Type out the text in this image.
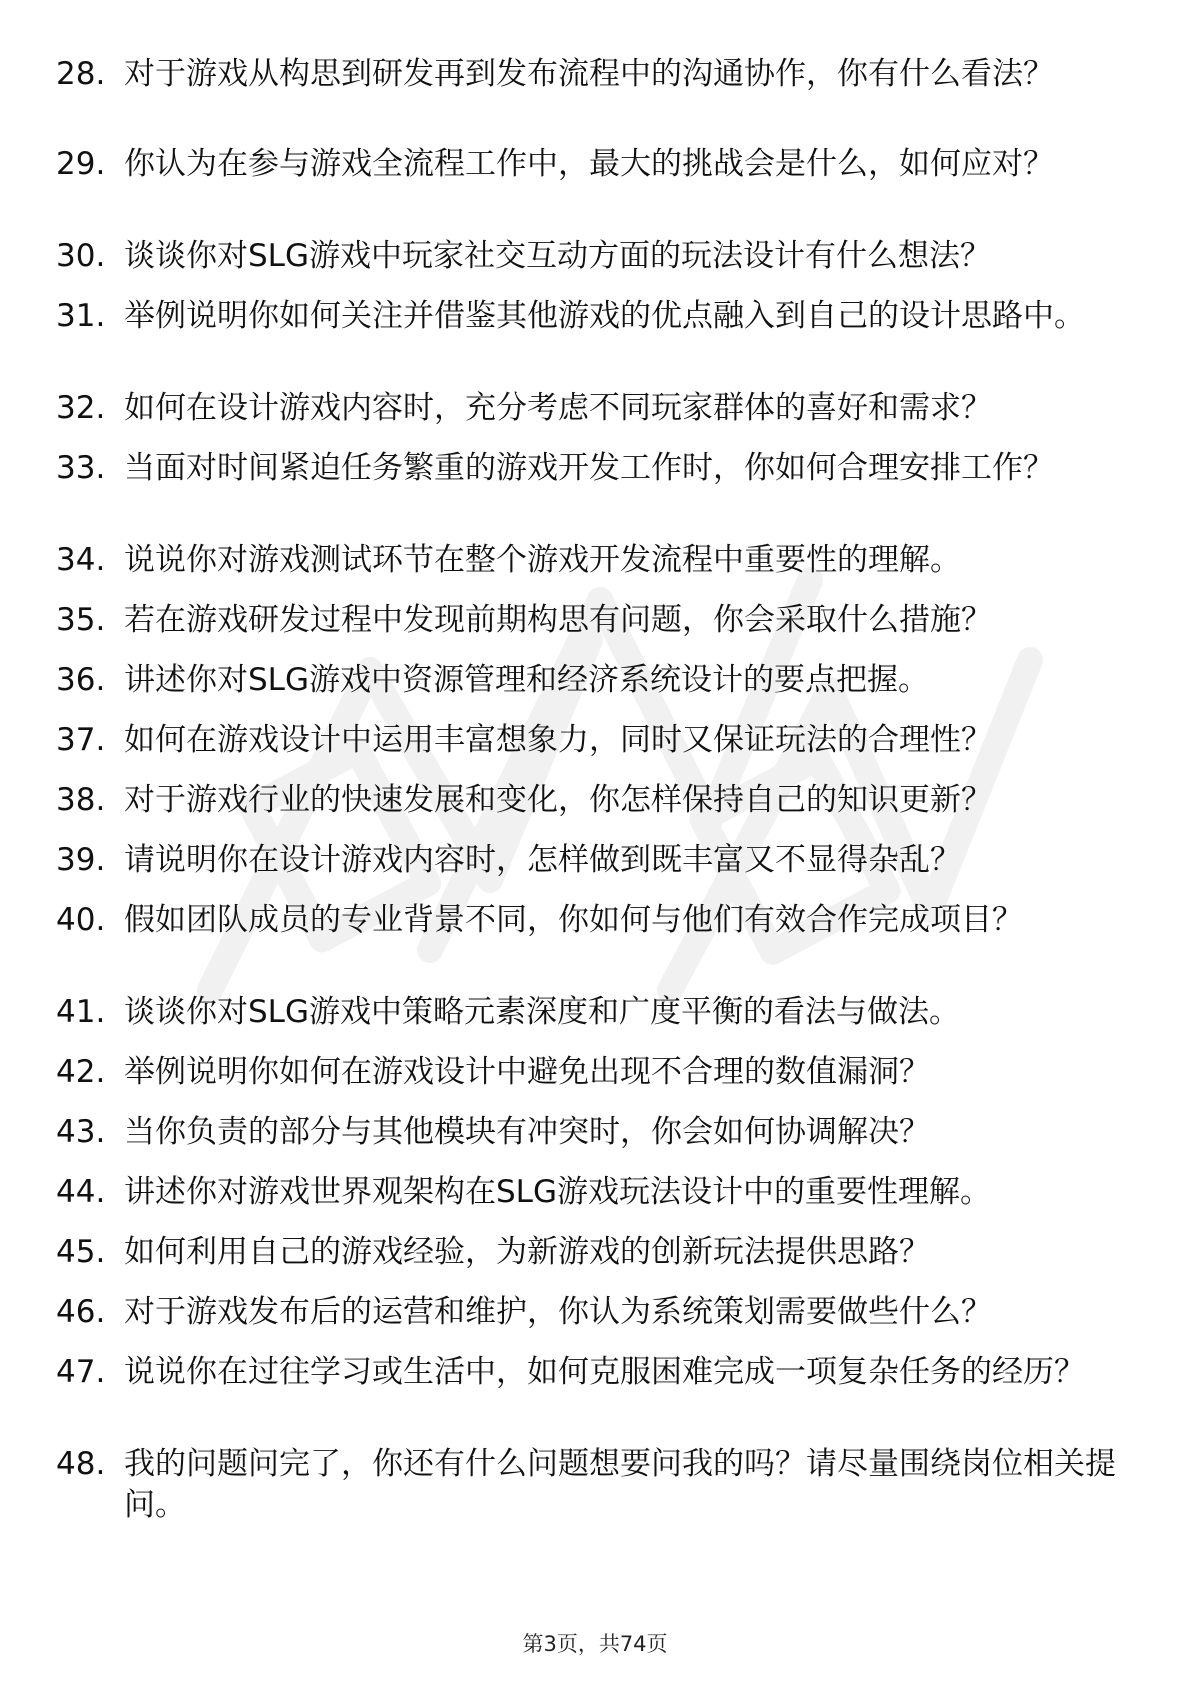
28. 对于游戏从构思到研发再到发布流程中的沟通协作，你有什么看法？
29. 你认为在参与游戏全流程工作中，最大的挑战会是什么，如何应对？
30. 谈谈你对SLG游戏中玩家社交互动方面的玩法设计有什么想法？
31. 举例说明你如何关注并借鉴其他游戏的优点融入到自己的设计思路中。
32. 如何在设计游戏内容时，充分考虑不同玩家群体的喜好和需求？
33. 当面对时间紧迫任务繁重的游戏开发工作时，你如何合理安排工作？
34. 说说你对游戏测试环节在整个游戏开发流程中重要性的理解。
35. 若在游戏研发过程中发现前期构思有问题，你会采取什么措施？
36. 讲述你对SLG游戏中资源管理和经济系统设计的要点把握。
37. 如何在游戏设计中运用丰富想象力，同时又保证玩法的合理性？
38. 对于游戏行业的快速发展和变化，你怎样保持自己的知识更新？
39. 请说明你在设计游戏内容时，怎样做到既丰富又不显得杂乱？
40. 假如团队成员的专业背景不同，你如何与他们有效合作完成项目？
41. 谈谈你对SLG游戏中策略元素深度和广度平衡的看法与做法。
42. 举例说明你如何在游戏设计中避免出现不合理的数值漏洞？
43. 当你负责的部分与其他模块有冲突时，你会如何协调解决？
44. 讲述你对游戏世界观架构在SLG游戏玩法设计中的重要性理解。
45. 如何利用自己的游戏经验，为新游戏的创新玩法提供思路？
46. 对于游戏发布后的运营和维护，你认为系统策划需要做些什么？
47. 说说你在过往学习或生活中，如何克服困难完成一项复杂任务的经历？
48. 我的问题问完了，你还有什么问题想要问我的吗？请尽量围绕岗位相关提问。
第3页，共74页
